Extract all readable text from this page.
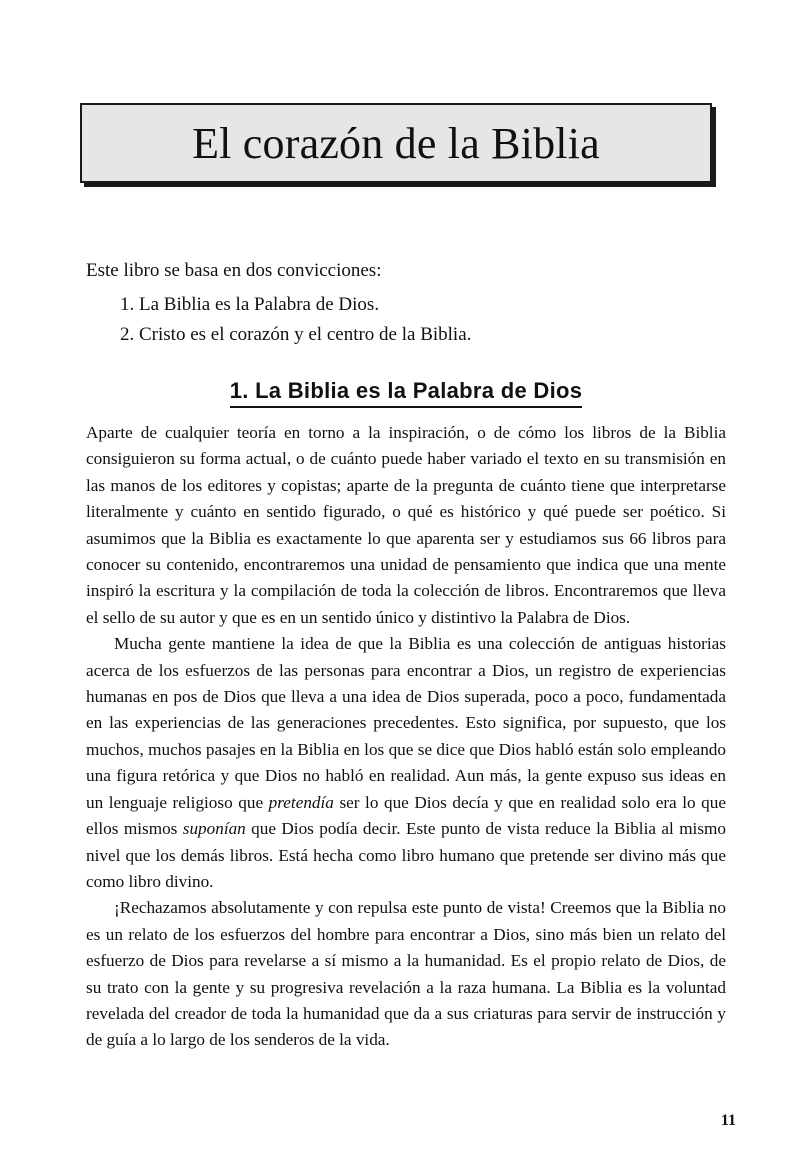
El corazón de la Biblia

Este libro se basa en dos convicciones:

1. La Biblia es la Palabra de Dios.
2. Cristo es el corazón y el centro de la Biblia.
1. La Biblia es la Palabra de Dios

Aparte de cualquier teoría en torno a la inspiración, o de cómo los libros de la Biblia consiguieron su forma actual, o de cuánto puede haber variado el texto en su transmisión en las manos de los editores y copistas; aparte de la pregunta de cuánto tiene que interpretarse literalmente y cuánto en sentido figurado, o qué es histórico y qué puede ser poético. Si asumimos que la Biblia es exactamente lo que aparenta ser y estudiamos sus 66 libros para conocer su contenido, encontraremos una unidad de pensamiento que indica que una mente inspiró la escritura y la compilación de toda la colección de libros. Encontraremos que lleva el sello de su autor y que es en un sentido único y distintivo la Palabra de Dios.

Mucha gente mantiene la idea de que la Biblia es una colección de antiguas historias acerca de los esfuerzos de las personas para encontrar a Dios, un registro de experiencias humanas en pos de Dios que lleva a una idea de Dios superada, poco a poco, fundamentada en las experiencias de las generaciones precedentes. Esto significa, por supuesto, que los muchos, muchos pasajes en la Biblia en los que se dice que Dios habló están solo empleando una figura retórica y que Dios no habló en realidad. Aun más, la gente expuso sus ideas en un lenguaje religioso que pretendía ser lo que Dios decía y que en realidad solo era lo que ellos mismos suponían que Dios podía decir. Este punto de vista reduce la Biblia al mismo nivel que los demás libros. Está hecha como libro humano que pretende ser divino más que como libro divino.

¡Rechazamos absolutamente y con repulsa este punto de vista! Creemos que la Biblia no es un relato de los esfuerzos del hombre para encontrar a Dios, sino más bien un relato del esfuerzo de Dios para revelarse a sí mismo a la humanidad. Es el propio relato de Dios, de su trato con la gente y su progresiva revelación a la raza humana. La Biblia es la voluntad revelada del creador de toda la humanidad que da a sus criaturas para servir de instrucción y de guía a lo largo de los senderos de la vida.

11
